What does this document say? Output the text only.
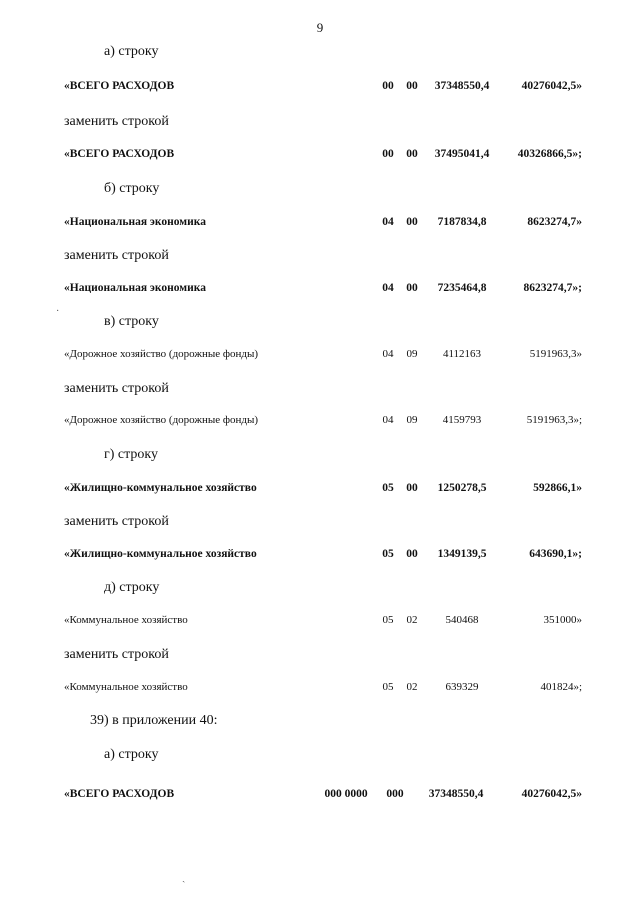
9
а) строку
«ВСЕГО РАСХОДОВ	00	00	37348550,4	40276042,5»
заменить строкой
«ВСЕГО РАСХОДОВ	00	00	37495041,4	40326866,5»;
б) строку
«Национальная экономика	04	00	7187834,8	8623274,7»
заменить строкой
«Национальная экономика	04	00	7235464,8	8623274,7»;
·
в) строку
«Дорожное хозяйство (дорожные фонды)	04	09	4112163	5191963,3»
заменить строкой
«Дорожное хозяйство (дорожные фонды)	04	09	4159793	5191963,3»;
г) строку
«Жилищно-коммунальное хозяйство	05	00	1250278,5	592866,1»
заменить строкой
«Жилищно-коммунальное хозяйство	05	00	1349139,5	643690,1»;
д) строку
«Коммунальное хозяйство	05	02	540468	351000»
заменить строкой
«Коммунальное хозяйство	05	02	639329	401824»;
39) в приложении 40:
а) строку
«ВСЕГО РАСХОДОВ	000 0000	000	37348550,4	40276042,5»
ˏ
